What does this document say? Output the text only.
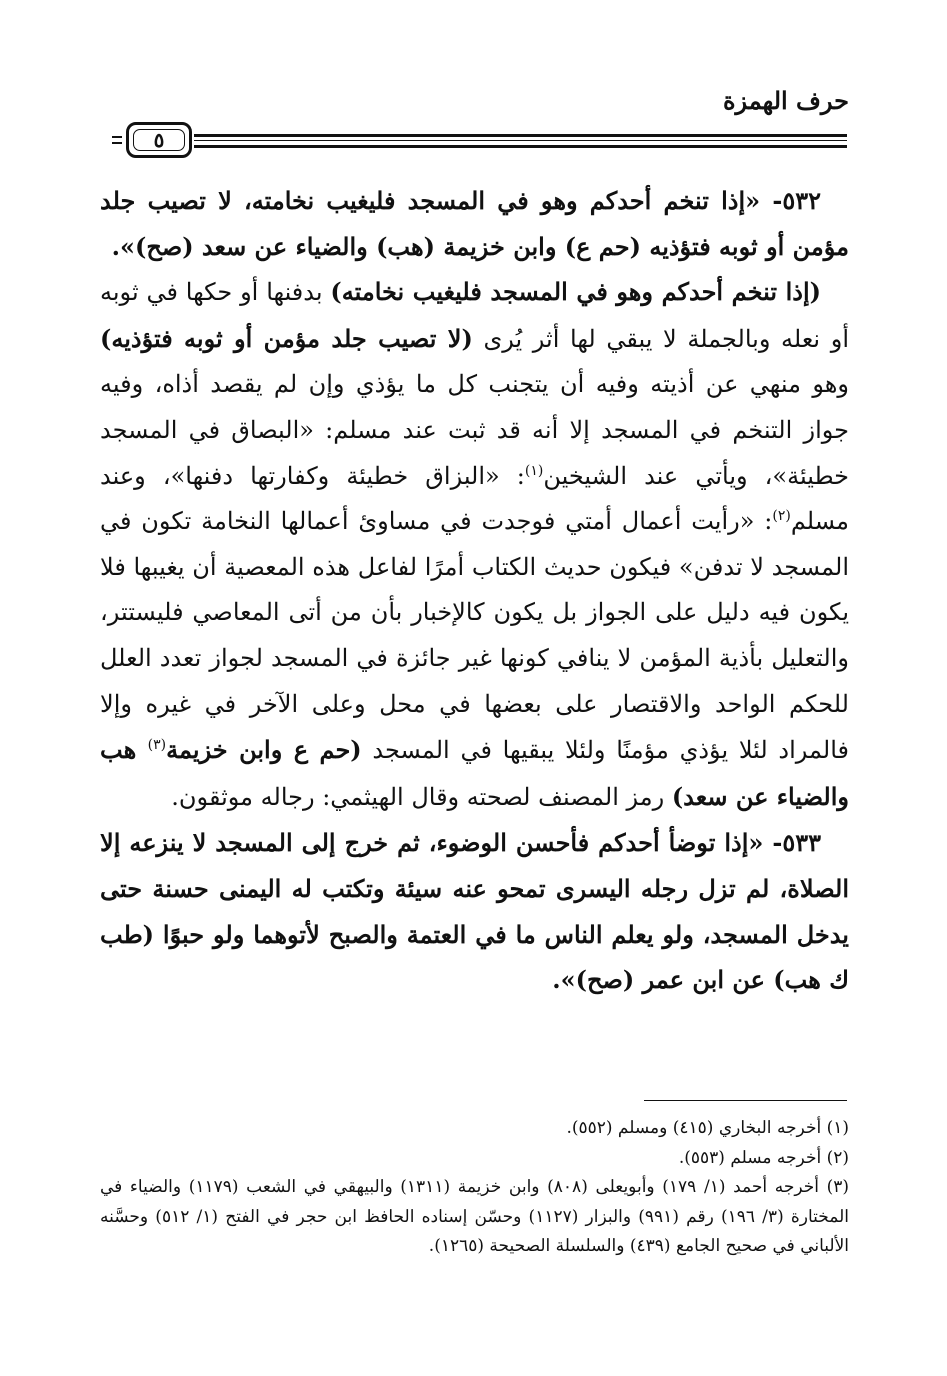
حرف الهمزة
٥

٥٣٢- «إذا تنخم أحدكم وهو في المسجد فليغيب نخامته، لا تصيب جلد مؤمن أو ثوبه فتؤذيه (حم ع) وابن خزيمة (هب) والضياء عن سعد (صح)».

(إذا تنخم أحدكم وهو في المسجد فليغيب نخامته) بدفنها أو حكها في ثوبه أو نعله وبالجملة لا يبقي لها أثر يُرى (لا تصيب جلد مؤمن أو ثوبه فتؤذيه) وهو منهي عن أذيته وفيه أن يتجنب كل ما يؤذي وإن لم يقصد أذاه، وفيه جواز التنخم في المسجد إلا أنه قد ثبت عند مسلم: «البصاق في المسجد خطيئة»، ويأتي عند الشيخين$^{(١)}$: «البزاق خطيئة وكفارتها دفنها»، وعند مسلم$^{(٢)}$: «رأيت أعمال أمتي فوجدت في مساوئ أعمالها النخامة تكون في المسجد لا تدفن» فيكون حديث الكتاب أمرًا لفاعل هذه المعصية أن يغيبها فلا يكون فيه دليل على الجواز بل يكون كالإخبار بأن من أتى المعاصي فليستتر، والتعليل بأذية المؤمن لا ينافي كونها غير جائزة في المسجد لجواز تعدد العلل للحكم الواحد والاقتصار على بعضها في محل وعلى الآخر في غيره وإلا فالمراد لئلا يؤذي مؤمنًا ولئلا يبقيها في المسجد (حم ع وابن خزيمة$^{(٣)}$ هب والضياء عن سعد) رمز المصنف لصحته وقال الهيثمي: رجاله موثقون.

٥٣٣- «إذا توضأ أحدكم فأحسن الوضوء، ثم خرج إلى المسجد لا ينزعه إلا الصلاة، لم تزل رجله اليسرى تمحو عنه سيئة وتكتب له اليمنى حسنة حتى يدخل المسجد، ولو يعلم الناس ما في العتمة والصبح لأتوهما ولو حبوًا (طب ك هب) عن ابن عمر (صح)».

(١) أخرجه البخاري (٤١٥) ومسلم (٥٥٢).

(٢) أخرجه مسلم (٥٥٣).

(٣) أخرجه أحمد (١/ ١٧٩) وأبويعلى (٨٠٨) وابن خزيمة (١٣١١) والبيهقي في الشعب (١١٧٩) والضياء في المختارة (٣/ ١٩٦) رقم (٩٩١) والبزار (١١٢٧) وحسّن إسناده الحافظ ابن حجر في الفتح (١/ ٥١٢) وحسَّنه الألباني في صحيح الجامع (٤٣٩) والسلسلة الصحيحة (١٢٦٥).
